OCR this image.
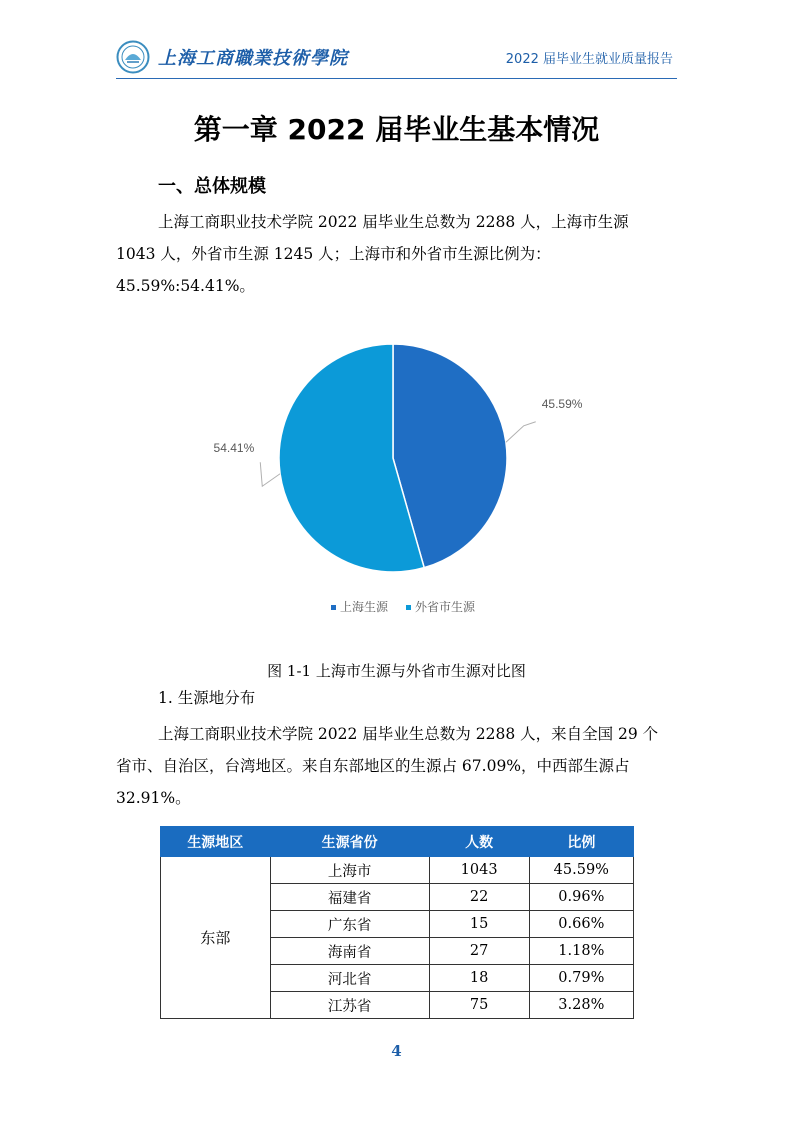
上海工商職業技術學院	2022 届毕业生就业质量报告
第一章 2022 届毕业生基本情况
一、总体规模
上海工商职业技术学院 2022 届毕业生总数为 2288 人，上海市生源
1043 人，外省市生源 1245 人；上海市和外省市生源比例为：
45.59%:54.41%。
45.59%
54.41%
上海生源 外省市生源
图 1-1 上海市生源与外省市生源对比图
1. 生源地分布
上海工商职业技术学院 2022 届毕业生总数为 2288 人，来自全国 29 个
省市、自治区，台湾地区。来自东部地区的生源占 67.09%，中西部生源占
32.91%。
生源地区	生源省份	人数	比例
东部	上海市	1043	45.59%
	福建省	22	0.96%
	广东省	15	0.66%
	海南省	27	1.18%
	河北省	18	0.79%
	江苏省	75	3.28%
4
